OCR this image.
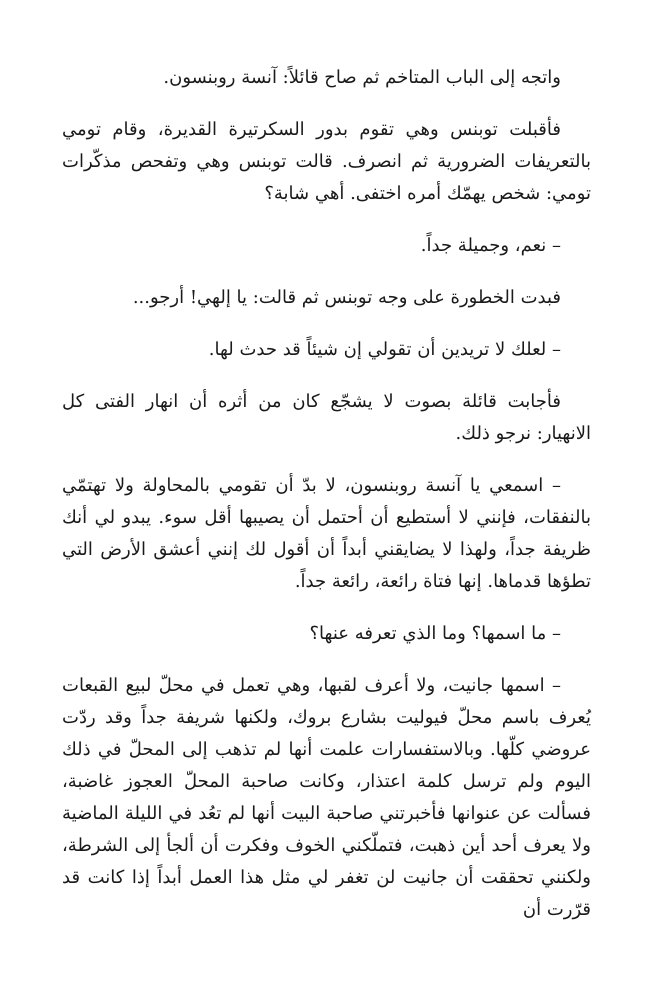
واتجه إلى الباب المتاخم ثم صاح قائلاً: آنسة روبنسون.

فأقبلت توبنس وهي تقوم بدور السكرتيرة القديرة، وقام تومي بالتعريفات الضرورية ثم انصرف. قالت توبنس وهي وتفحص مذكّرات تومي: شخص يهمّك أمره اختفى. أهي شابة؟

– نعم، وجميلة جداً.

فبدت الخطورة على وجه توبنس ثم قالت: يا إلهي! أرجو...

– لعلك لا تريدين أن تقولي إن شيئاً قد حدث لها.

فأجابت قائلة بصوت لا يشجّع كان من أثره أن انهار الفتى كل الانهيار: نرجو ذلك.

– اسمعي يا آنسة روبنسون، لا بدّ أن تقومي بالمحاولة ولا تهتمّي بالنفقات، فإنني لا أستطيع أن أحتمل أن يصيبها أقل سوء. يبدو لي أنك ظريفة جداً، ولهذا لا يضايقني أبداً أن أقول لك إنني أعشق الأرض التي تطؤها قدماها. إنها فتاة رائعة، رائعة جداً.

– ما اسمها؟ وما الذي تعرفه عنها؟

– اسمها جانيت، ولا أعرف لقبها، وهي تعمل في محلّ لبيع القبعات يُعرف باسم محلّ فيوليت بشارع بروك، ولكنها شريفة جداً وقد ردّت عروضي كلّها. وبالاستفسارات علمت أنها لم تذهب إلى المحلّ في ذلك اليوم ولم ترسل كلمة اعتذار، وكانت صاحبة المحلّ العجوز غاضبة، فسألت عن عنوانها فأخبرتني صاحبة البيت أنها لم تعُد في الليلة الماضية ولا يعرف أحد أين ذهبت، فتملّكني الخوف وفكرت أن ألجأ إلى الشرطة، ولكنني تحققت أن جانيت لن تغفر لي مثل هذا العمل أبداً إذا كانت قد قرّرت أن
